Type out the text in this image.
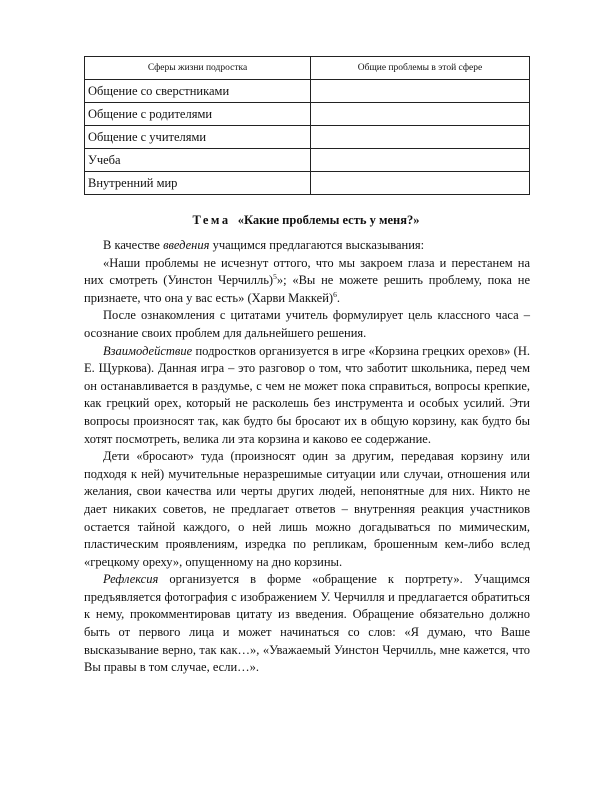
Сферы жизни подростка	Общие проблемы в этой сфере
Общение со сверстниками	
Общение с родителями	
Общение с учителями	
Учеба	
Внутренний мир	
Тема «Какие проблемы есть у меня?»

В качестве введения учащимся предлагаются высказывания:

«Наши проблемы не исчезнут оттого, что мы закроем глаза и перестанем на них смотреть (Уинстон Черчилль)$^5$»; «Вы не можете решить проблему, пока не признаете, что она у вас есть» (Харви Маккей)$^6$.

После ознакомления с цитатами учитель формулирует цель классного часа – осознание своих проблем для дальнейшего решения.

Взаимодействие подростков организуется в игре «Корзина грецких орехов» (Н. Е. Щуркова). Данная игра – это разговор о том, что заботит школьника, перед чем он останавливается в раздумье, с чем не может пока справиться, вопросы крепкие, как грецкий орех, который не расколешь без инструмента и особых усилий. Эти вопросы произносят так, как будто бы бросают их в общую корзину, как будто бы хотят посмотреть, велика ли эта корзина и каково ее содержание.

Дети «бросают» туда (произносят один за другим, передавая корзину или подходя к ней) мучительные неразрешимые ситуации или случаи, отношения или желания, свои качества или черты других людей, непонятные для них. Никто не дает никаких советов, не предлагает ответов – внутренняя реакция участников остается тайной каждого, о ней лишь можно догадываться по мимическим, пластическим проявлениям, изредка по репликам, брошенным кем-либо вслед «грецкому ореху», опущенному на дно корзины.

Рефлексия организуется в форме «обращение к портрету». Учащимся предъявляется фотография с изображением У. Черчилля и предлагается обратиться к нему, прокомментировав цитату из введения. Обращение обязательно должно быть от первого лица и может начинаться со слов: «Я думаю, что Ваше высказывание верно, так как…», «Уважаемый Уинстон Черчилль, мне кажется, что Вы правы в том случае, если…».
